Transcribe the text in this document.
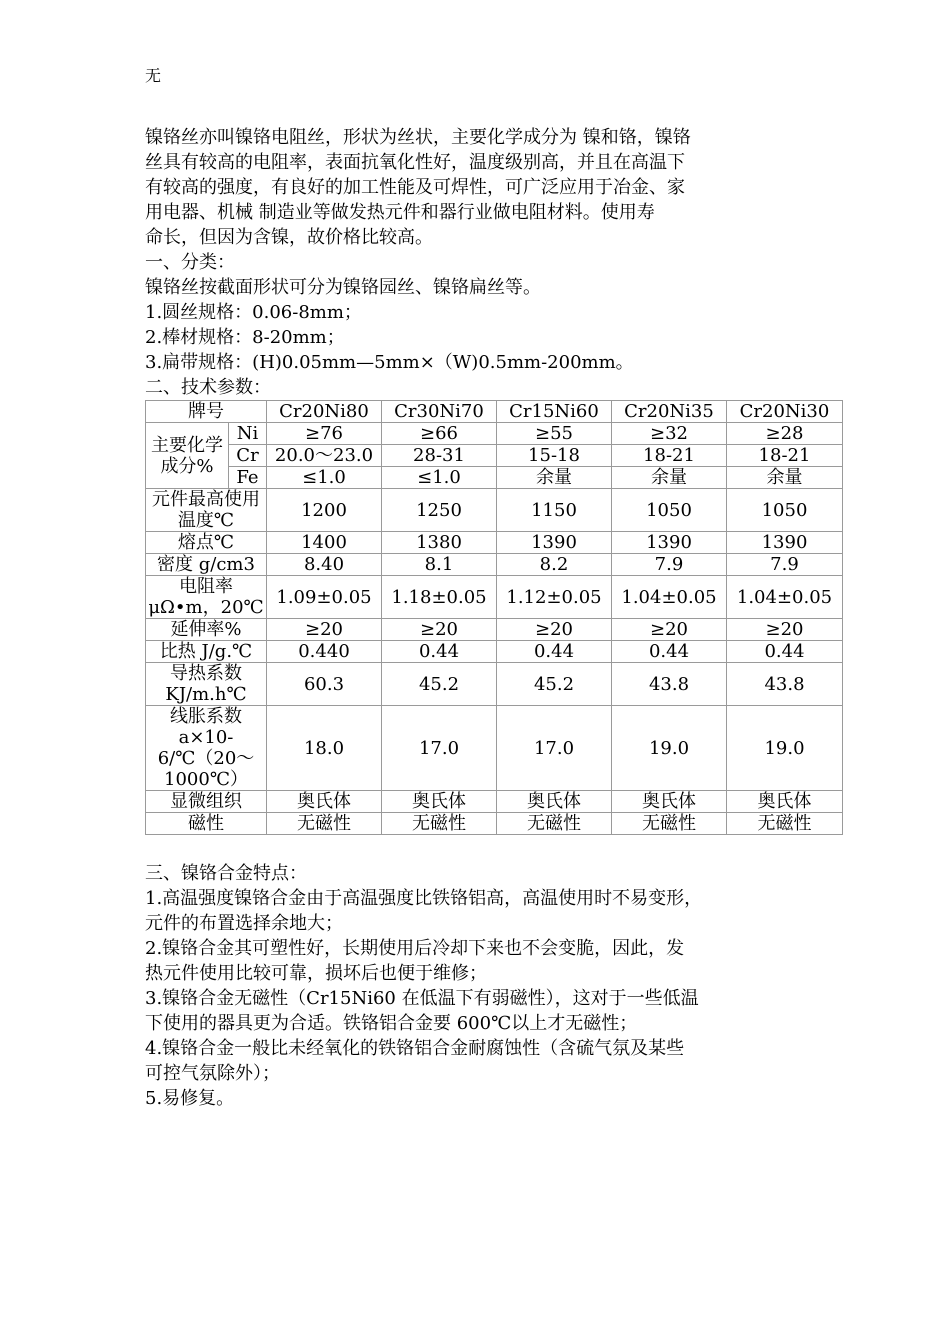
无
镍铬丝亦叫镍铬电阻丝，形状为丝状，主要化学成分为 镍和铬，镍铬
丝具有较高的电阻率，表面抗氧化性好，温度级别高，并且在高温下
有较高的强度，有良好的加工性能及可焊性，可广泛应用于冶金、家
用电器、机械 制造业等做发热元件和器行业做电阻材料。使用寿
命长，但因为含镍，故价格比较高。
一、分类：
镍铬丝按截面形状可分为镍铬园丝、镍铬扁丝等。
1.圆丝规格：0.06-8mm；
2.棒材规格：8-20mm；
3.扁带规格：(H)0.05mm—5mm×（W)0.5mm-200mm。
二、技术参数：
牌号		Cr20Ni80	Cr30Ni70	Cr15Ni60	Cr20Ni35	Cr20Ni30
主要化学成分%	Ni	≥76	≥66	≥55	≥32	≥28
	Cr	20.0～23.0	28-31	15-18	18-21	18-21
	Fe	≤1.0	≤1.0	余量	余量	余量
元件最高使用温度℃		1200	1250	1150	1050	1050
熔点℃		1400	1380	1390	1390	1390
密度 g/cm3		8.40	8.1	8.2	7.9	7.9
电阻率μΩ•m，20℃		1.09±0.05	1.18±0.05	1.12±0.05	1.04±0.05	1.04±0.05
延伸率%		≥20	≥20	≥20	≥20	≥20
比热 J/g.℃		0.440	0.44	0.44	0.44	0.44
导热系数KJ/m.h℃		60.3	45.2	45.2	43.8	43.8
线胀系数a×10-6/℃（20～1000℃）		18.0	17.0	17.0	19.0	19.0
显微组织		奥氏体	奥氏体	奥氏体	奥氏体	奥氏体
磁性		无磁性	无磁性	无磁性	无磁性	无磁性
三、镍铬合金特点：
1.高温强度镍铬合金由于高温强度比铁铬铝高，高温使用时不易变形，
元件的布置选择余地大；
2.镍铬合金其可塑性好，长期使用后冷却下来也不会变脆，因此，发
热元件使用比较可靠，损坏后也便于维修；
3.镍铬合金无磁性（Cr15Ni60 在低温下有弱磁性），这对于一些低温
下使用的器具更为合适。铁铬铝合金要 600℃以上才无磁性；
4.镍铬合金一般比未经氧化的铁铬铝合金耐腐蚀性（含硫气氛及某些
可控气氛除外）；
5.易修复。
